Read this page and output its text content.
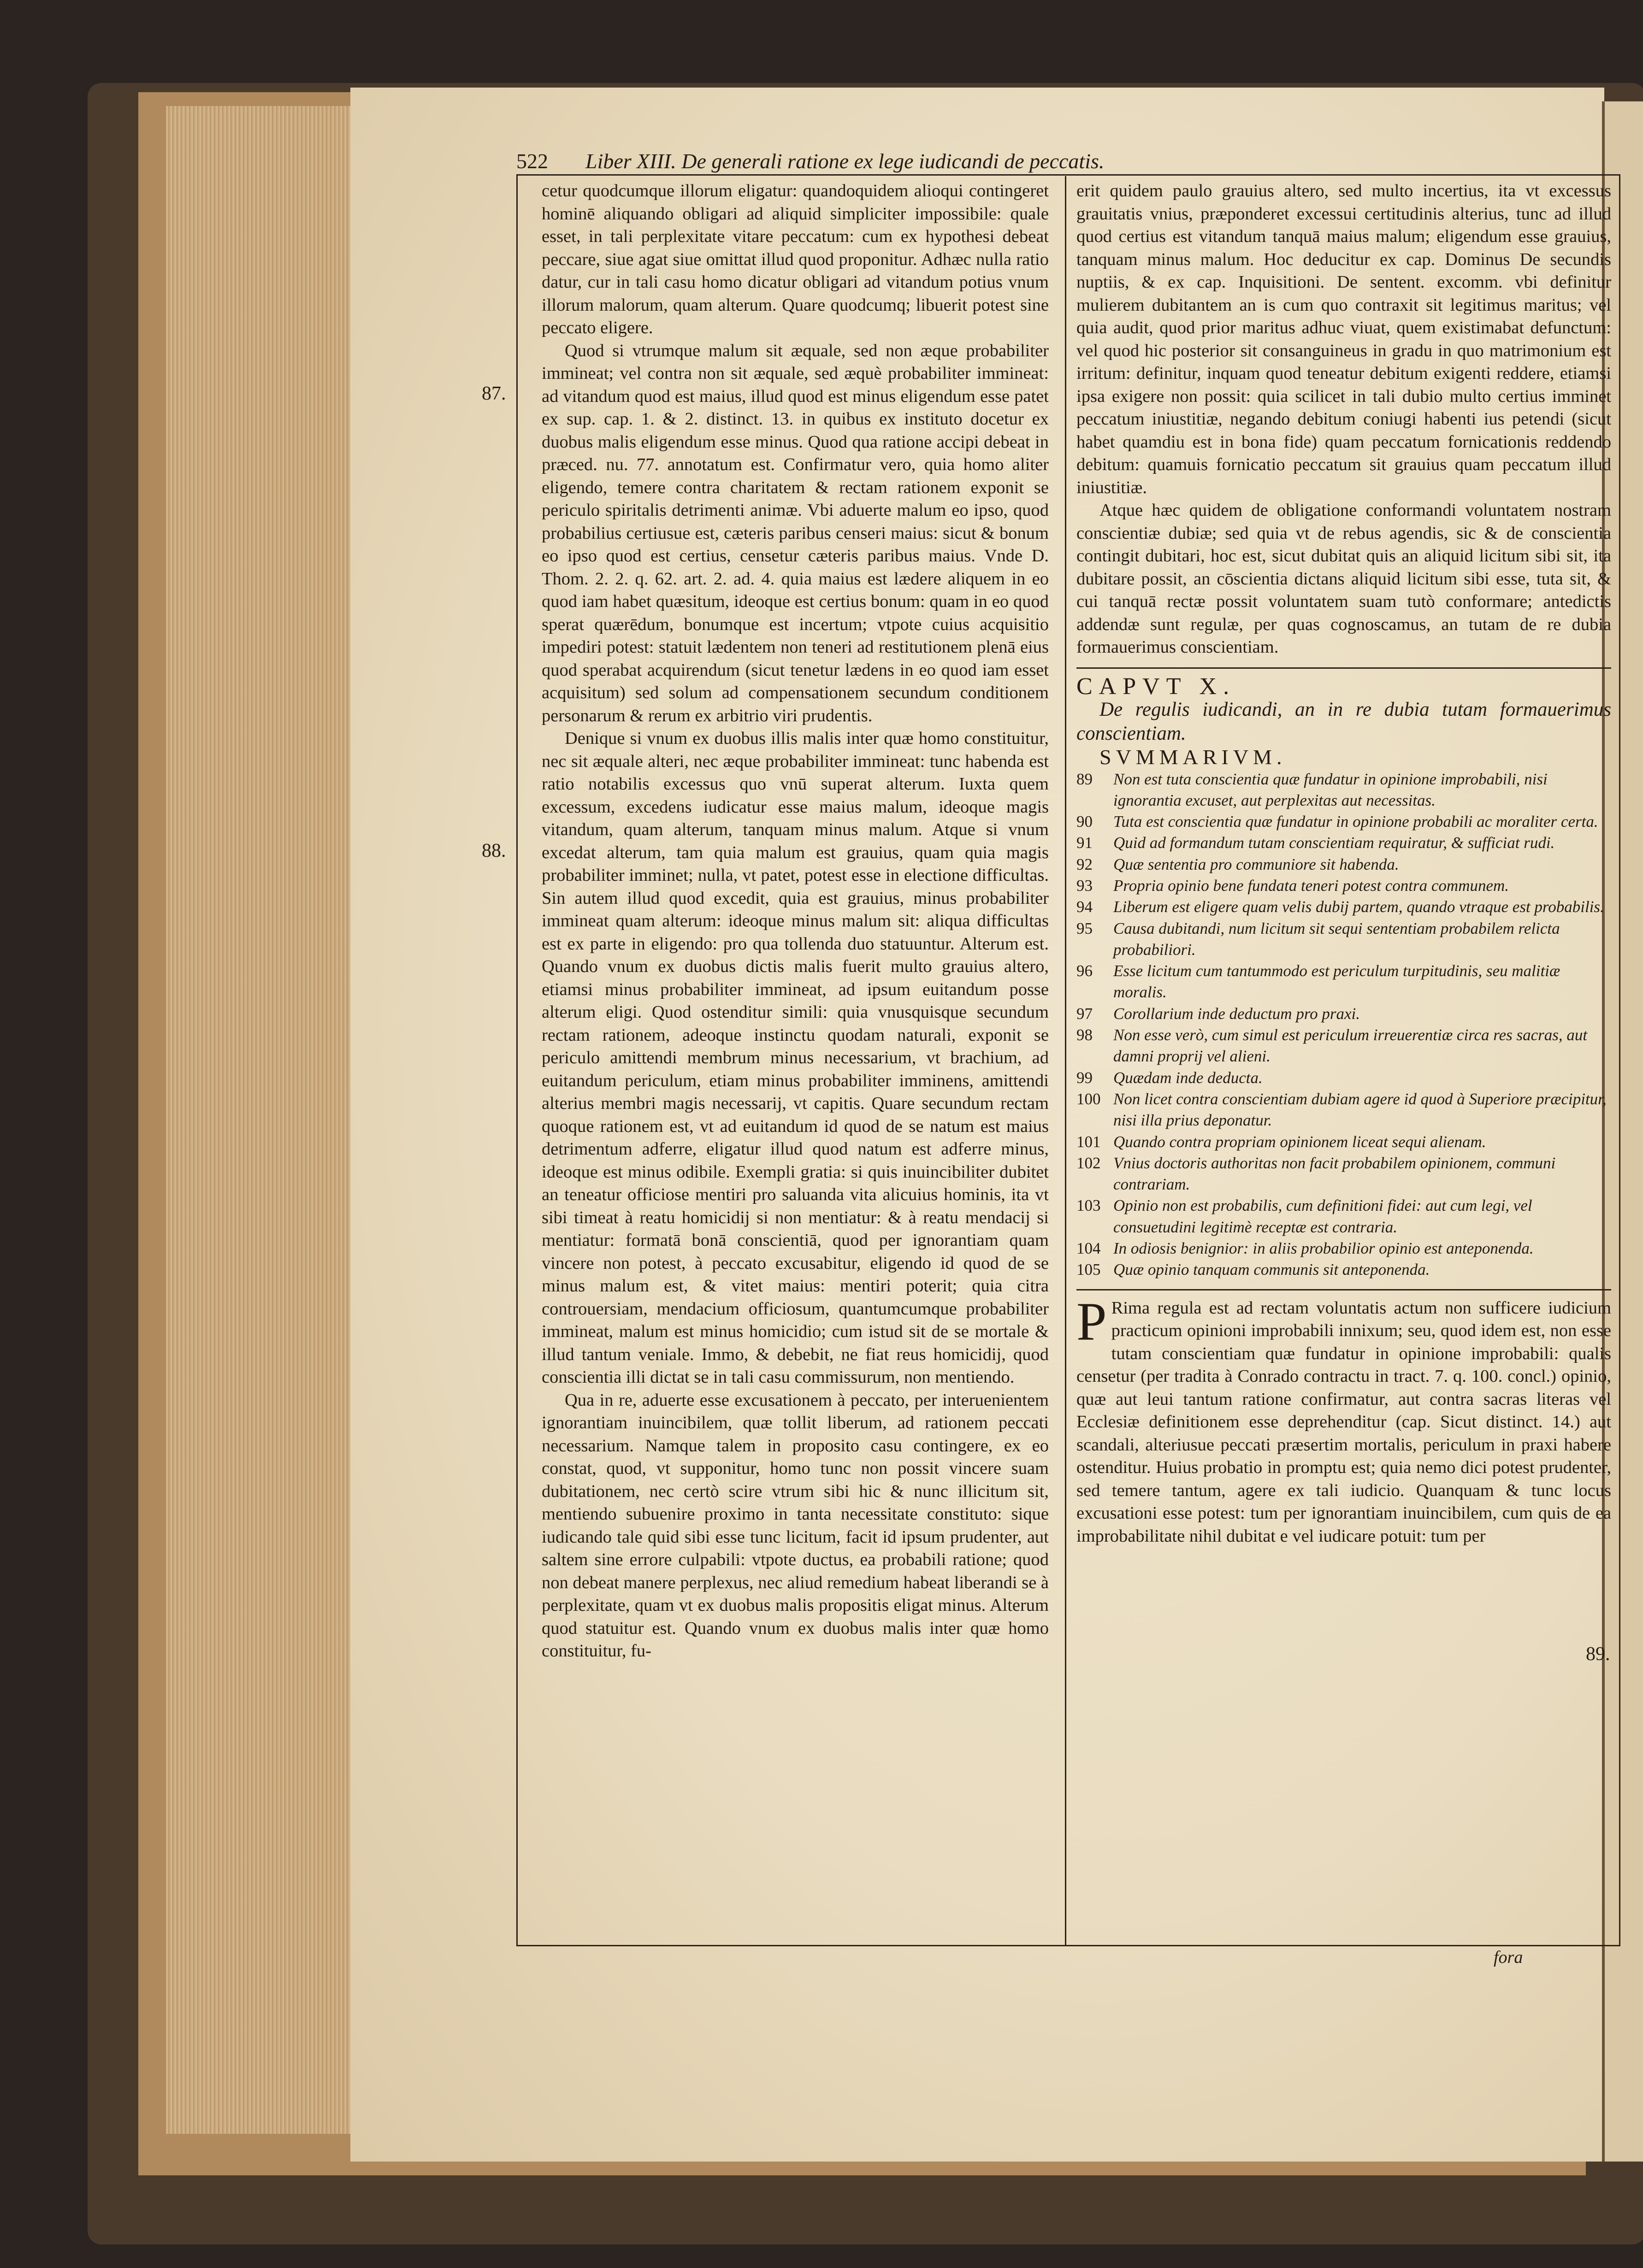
522	Liber XIII. De generali ratione ex lege iudicandi de peccatis.
87.
88.
89.

cetur quodcumque illorum eligatur: quandoquidem alioqui contingeret hominē aliquando obligari ad aliquid simpliciter impossibile: quale esset, in tali perplexitate vitare peccatum: cum ex hypothesi debeat peccare, siue agat siue omittat illud quod proponitur. Adhæc nulla ratio datur, cur in tali casu homo dicatur obligari ad vitandum potius vnum illorum malorum, quam alterum. Quare quodcumq; libuerit potest sine peccato eligere.

Quod si vtrumque malum sit æquale, sed non æque probabiliter immineat; vel contra non sit æquale, sed æquè probabiliter immineat: ad vitandum quod est maius, illud quod est minus eligendum esse patet ex sup. cap. 1. & 2. distinct. 13. in quibus ex instituto docetur ex duobus malis eligendum esse minus. Quod qua ratione accipi debeat in præced. nu. 77. annotatum est. Confirmatur vero, quia homo aliter eligendo, temere contra charitatem & rectam rationem exponit se periculo spiritalis detrimenti animæ. Vbi aduerte malum eo ipso, quod probabilius certiusue est, cæteris paribus censeri maius: sicut & bonum eo ipso quod est certius, censetur cæteris paribus maius. Vnde D. Thom. 2. 2. q. 62. art. 2. ad. 4. quia maius est lædere aliquem in eo quod iam habet quæsitum, ideoque est certius bonum: quam in eo quod sperat quærēdum, bonumque est incertum; vtpote cuius acquisitio impediri potest: statuit lædentem non teneri ad restitutionem plenā eius quod sperabat acquirendum (sicut tenetur lædens in eo quod iam esset acquisitum) sed solum ad compensationem secundum conditionem personarum & rerum ex arbitrio viri prudentis.

Denique si vnum ex duobus illis malis inter quæ homo constituitur, nec sit æquale alteri, nec æque probabiliter immineat: tunc habenda est ratio notabilis excessus quo vnū superat alterum. Iuxta quem excessum, excedens iudicatur esse maius malum, ideoque magis vitandum, quam alterum, tanquam minus malum. Atque si vnum excedat alterum, tam quia malum est grauius, quam quia magis probabiliter imminet; nulla, vt patet, potest esse in electione difficultas. Sin autem illud quod excedit, quia est grauius, minus probabiliter immineat quam alterum: ideoque minus malum sit: aliqua difficultas est ex parte in eligendo: pro qua tollenda duo statuuntur. Alterum est. Quando vnum ex duobus dictis malis fuerit multo grauius altero, etiamsi minus probabiliter immineat, ad ipsum euitandum posse alterum eligi. Quod ostenditur simili: quia vnusquisque secundum rectam rationem, adeoque instinctu quodam naturali, exponit se periculo amittendi membrum minus necessarium, vt brachium, ad euitandum periculum, etiam minus probabiliter imminens, amittendi alterius membri magis necessarij, vt capitis. Quare secundum rectam quoque rationem est, vt ad euitandum id quod de se natum est maius detrimentum adferre, eligatur illud quod natum est adferre minus, ideoque est minus odibile. Exempli gratia: si quis inuincibiliter dubitet an teneatur officiose mentiri pro saluanda vita alicuius hominis, ita vt sibi timeat à reatu homicidij si non mentiatur: & à reatu mendacij si mentiatur: formatā bonā conscientiā, quod per ignorantiam quam vincere non potest, à peccato excusabitur, eligendo id quod de se minus malum est, & vitet maius: mentiri poterit; quia citra controuersiam, mendacium officiosum, quantumcumque probabiliter immineat, malum est minus homicidio; cum istud sit de se mortale & illud tantum veniale. Immo, & debebit, ne fiat reus homicidij, quod conscientia illi dictat se in tali casu commissurum, non mentiendo.

Qua in re, aduerte esse excusationem à peccato, per interuenientem ignorantiam inuincibilem, quæ tollit liberum, ad rationem peccati necessarium. Namque talem in proposito casu contingere, ex eo constat, quod, vt supponitur, homo tunc non possit vincere suam dubitationem, nec certò scire vtrum sibi hic & nunc illicitum sit, mentiendo subuenire proximo in tanta necessitate constituto: sique iudicando tale quid sibi esse tunc licitum, facit id ipsum prudenter, aut saltem sine errore culpabili: vtpote ductus, ea probabili ratione; quod non debeat manere perplexus, nec aliud remedium habeat liberandi se à perplexitate, quam vt ex duobus malis propositis eligat minus. Alterum quod statuitur est. Quando vnum ex duobus malis inter quæ homo constituitur, fu-

erit quidem paulo grauius altero, sed multo incertius, ita vt excessus grauitatis vnius, præponderet excessui certitudinis alterius, tunc ad illud quod certius est vitandum tanquā maius malum; eligendum esse grauius, tanquam minus malum. Hoc deducitur ex cap. Dominus De secundis nuptiis, & ex cap. Inquisitioni. De sentent. excomm. vbi definitur mulierem dubitantem an is cum quo contraxit sit legitimus maritus; vel quia audit, quod prior maritus adhuc viuat, quem existimabat defunctum: vel quod hic posterior sit consanguineus in gradu in quo matrimonium est irritum: definitur, inquam quod teneatur debitum exigenti reddere, etiamsi ipsa exigere non possit: quia scilicet in tali dubio multo certius imminet peccatum iniustitiæ, negando debitum coniugi habenti ius petendi (sicut habet quamdiu est in bona fide) quam peccatum fornicationis reddendo debitum: quamuis fornicatio peccatum sit grauius quam peccatum illud iniustitiæ.

Atque hæc quidem de obligatione conformandi voluntatem nostram conscientiæ dubiæ; sed quia vt de rebus agendis, sic & de conscientia contingit dubitari, hoc est, sicut dubitat quis an aliquid licitum sibi sit, ita dubitare possit, an cōscientia dictans aliquid licitum sibi esse, tuta sit, & cui tanquā rectæ possit voluntatem suam tutò conformare; antedictis addendæ sunt regulæ, per quas cognoscamus, an tutam de re dubia formauerimus conscientiam.

CAPVT X.

De regulis iudicandi, an in re dubia tutam formauerimus conscientiam.

SVMMARIVM.

89	Non est tuta conscientia quæ fundatur in opinione improbabili, nisi ignorantia excuset, aut perplexitas aut necessitas.
90	Tuta est conscientia quæ fundatur in opinione probabili ac moraliter certa.
91	Quid ad formandum tutam conscientiam requiratur, & sufficiat rudi.
92	Quæ sententia pro communiore sit habenda.
93	Propria opinio bene fundata teneri potest contra communem.
94	Liberum est eligere quam velis dubij partem, quando vtraque est probabilis.
95	Causa dubitandi, num licitum sit sequi sententiam probabilem relicta probabiliori.
96	Esse licitum cum tantummodo est periculum turpitudinis, seu malitiæ moralis.
97	Corollarium inde deductum pro praxi.
98	Non esse verò, cum simul est periculum irreuerentiæ circa res sacras, aut damni proprij vel alieni.
99	Quædam inde deducta.
100 Non licet contra conscientiam dubiam agere id quod à Superiore præcipitur, nisi illa prius deponatur.
101 Quando contra propriam opinionem liceat sequi alienam.
102 Vnius doctoris authoritas non facit probabilem opinionem, communi contrariam.
103 Opinio non est probabilis, cum definitioni fidei: aut cum legi, vel consuetudini legitimè receptæ est contraria.
104 In odiosis benignior: in aliis probabilior opinio est anteponenda.
105 Quæ opinio tanquam communis sit anteponenda.

P Rima regula est ad rectam voluntatis actum non sufficere iudicium practicum opinioni improbabili innixum; seu, quod idem est, non esse tutam conscientiam quæ fundatur in opinione improbabili: qualis censetur (per tradita à Conrado contractu in tract. 7. q. 100. concl.) opinio, quæ aut leui tantum ratione confirmatur, aut contra sacras literas vel Ecclesiæ definitionem esse deprehenditur (cap. Sicut distinct. 14.) aut scandali, alteriusue peccati præsertim mortalis, periculum in praxi habere ostenditur. Huius probatio in promptu est; quia nemo dici potest prudenter, sed temere tantum, agere ex tali iudicio. Quanquam & tunc locus excusationi esse potest: tum per ignorantiam inuincibilem, cum quis de ea improbabilitate nihil dubitat e vel iudicare potuit: tum per

fora
